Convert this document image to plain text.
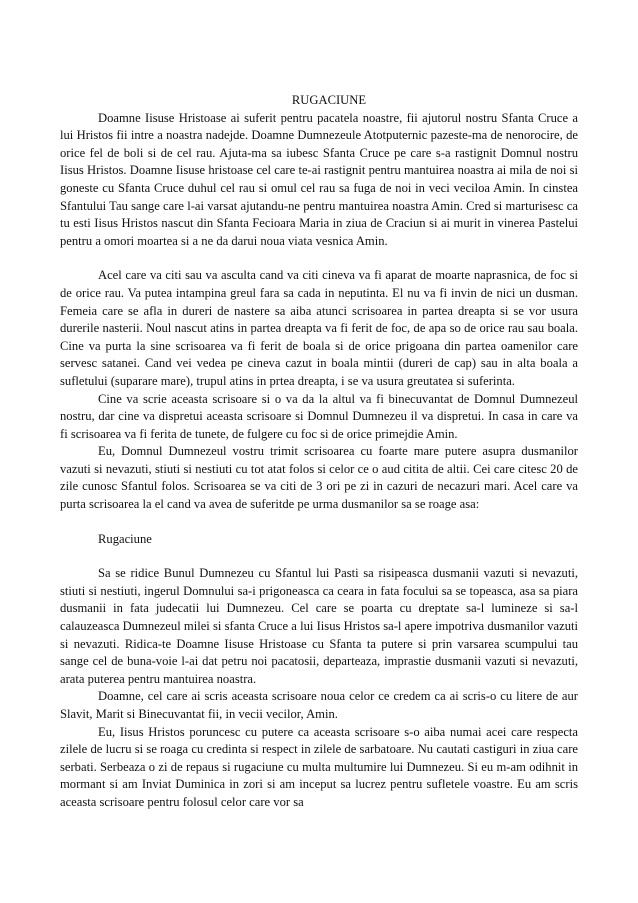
RUGACIUNE

Doamne Iisuse Hristoase ai suferit pentru pacatela noastre, fii ajutorul nostru Sfanta Cruce a lui Hristos fii intre a noastra nadejde. Doamne Dumnezeule Atotputernic pazeste-ma de nenorocire, de orice fel de boli si de cel rau. Ajuta-ma sa iubesc Sfanta Cruce pe care s-a rastignit Domnul nostru Iisus Hristos. Doamne Iisuse hristoase cel care te-ai rastignit pentru mantuirea noastra ai mila de noi si goneste cu Sfanta Cruce duhul cel rau si omul cel rau sa fuga de noi in veci veciloa Amin. In cinstea Sfantului Tau sange care l-ai varsat ajutandu-ne pentru mantuirea noastra Amin. Cred si marturisesc ca tu esti Iisus Hristos nascut din Sfanta Fecioara Maria in ziua de Craciun si ai murit in vinerea Pastelui pentru a omori moartea si a ne da darui noua viata vesnica Amin.

Acel care va citi sau va asculta cand va citi cineva va fi aparat de moarte naprasnica, de foc si de orice rau. Va putea intampina greul fara sa cada in neputinta. El nu va fi invin de nici un dusman. Femeia care se afla in dureri de nastere sa aiba atunci scrisoarea in partea dreapta si se vor usura durerile nasterii. Noul nascut atins in partea dreapta va fi ferit de foc, de apa so de orice rau sau boala. Cine va purta la sine scrisoarea va fi ferit de boala si de orice prigoana din partea oamenilor care servesc satanei. Cand vei vedea pe cineva cazut in boala mintii (dureri de cap) sau in alta boala a sufletului (suparare mare), trupul atins in prtea dreapta, i se va usura greutatea si suferinta.

Cine va scrie aceasta scrisoare si o va da la altul va fi binecuvantat de Domnul Dumnezeul nostru, dar cine va dispretui aceasta scrisoare si Domnul Dumnezeu il va dispretui. In casa in care va fi scrisoarea va fi ferita de tunete, de fulgere cu foc si de orice primejdie Amin.

Eu, Domnul Dumnezeul vostru trimit scrisoarea cu foarte mare putere asupra dusmanilor vazuti si nevazuti, stiuti si nestiuti cu tot atat folos si celor ce o aud citita de altii. Cei care citesc 20 de zile cunosc Sfantul folos. Scrisoarea se va citi de 3 ori pe zi in cazuri de necazuri mari. Acel care va purta scrisoarea la el cand va avea de suferitde pe urma dusmanilor sa se roage asa:

Rugaciune

Sa se ridice Bunul Dumnezeu cu Sfantul lui Pasti sa risipeasca dusmanii vazuti si nevazuti, stiuti si nestiuti, ingerul Domnului sa-i prigoneasca ca ceara in fata focului sa se topeasca, asa sa piara dusmanii in fata judecatii lui Dumnezeu. Cel care se poarta cu dreptate sa-l lumineze si sa-l calauzeasca Dumnezeul milei si sfanta Cruce a lui Iisus Hristos sa-l apere impotriva dusmanilor vazuti si nevazuti. Ridica-te Doamne Iisuse Hristoase cu Sfanta ta putere si prin varsarea scumpului tau sange cel de buna-voie l-ai dat petru noi pacatosii, departeaza, imprastie dusmanii vazuti si nevazuti, arata puterea pentru mantuirea noastra.

Doamne, cel care ai scris aceasta scrisoare noua celor ce credem ca ai scris-o cu litere de aur Slavit, Marit si Binecuvantat fii, in vecii vecilor, Amin.

Eu, Iisus Hristos poruncesc cu putere ca aceasta scrisoare s-o aiba numai acei care respecta zilele de lucru si se roaga cu credinta si respect in zilele de sarbatoare. Nu cautati castiguri in ziua care serbati. Serbeaza o zi de repaus si rugaciune cu multa multumire lui Dumnezeu. Si eu m-am odihnit in mormant si am Inviat Duminica in zori si am inceput sa lucrez pentru sufletele voastre. Eu am scris aceasta scrisoare pentru folosul celor care vor sa
